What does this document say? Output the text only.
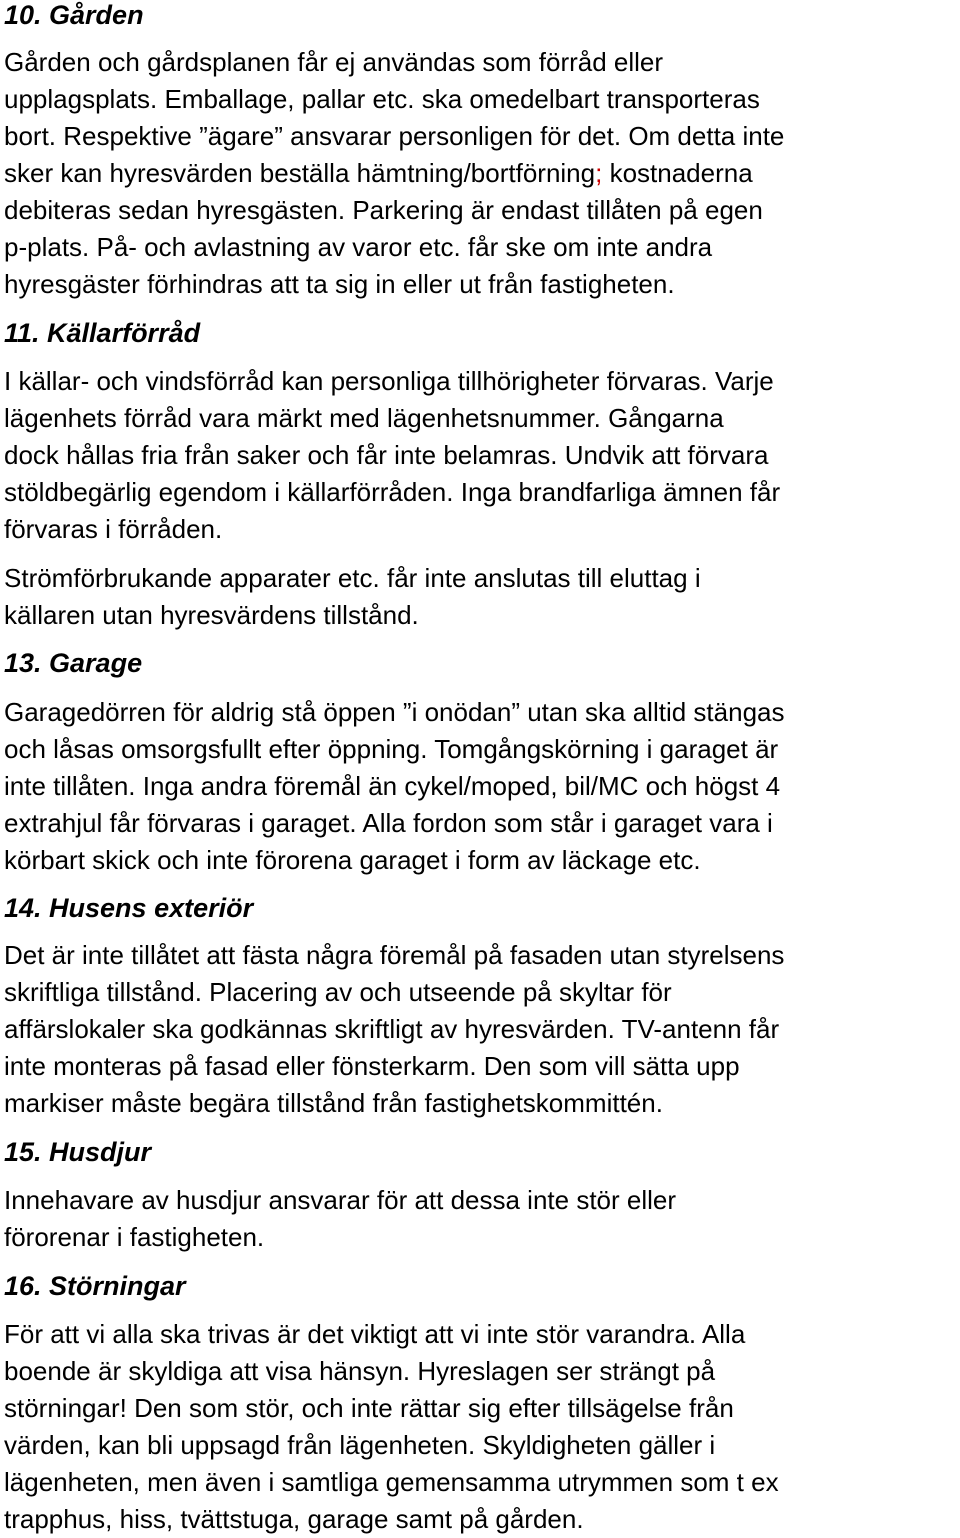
10. Gården

Gården och gårdsplanen får ej användas som förråd eller
upplagsplats. Emballage, pallar etc. ska omedelbart transporteras
bort. Respektive ”ägare” ansvarar personligen för det. Om detta inte
sker kan hyresvärden beställa hämtning/bortförning; kostnaderna
debiteras sedan hyresgästen. Parkering är endast tillåten på egen
p-plats. På- och avlastning av varor etc. får ske om inte andra
hyresgäster förhindras att ta sig in eller ut från fastigheten.

11. Källarförråd

I källar- och vindsförråd kan personliga tillhörigheter förvaras. Varje
lägenhets förråd vara märkt med lägenhetsnummer. Gångarna
dock hållas fria från saker och får inte belamras. Undvik att förvara
stöldbegärlig egendom i källarförråden. Inga brandfarliga ämnen får
förvaras i förråden.

Strömförbrukande apparater etc. får inte anslutas till eluttag i
källaren utan hyresvärdens tillstånd.

13. Garage

Garagedörren för aldrig stå öppen ”i onödan” utan ska alltid stängas
och låsas omsorgsfullt efter öppning. Tomgångskörning i garaget är
inte tillåten. Inga andra föremål än cykel/moped, bil/MC och högst 4
extrahjul får förvaras i garaget. Alla fordon som står i garaget vara i
körbart skick och inte förorena garaget i form av läckage etc.

14. Husens exteriör

Det är inte tillåtet att fästa några föremål på fasaden utan styrelsens
skriftliga tillstånd. Placering av och utseende på skyltar för
affärslokaler ska godkännas skriftligt av hyresvärden. TV-antenn får
inte monteras på fasad eller fönsterkarm. Den som vill sätta upp
markiser måste begära tillstånd från fastighetskommittén.

15. Husdjur

Innehavare av husdjur ansvarar för att dessa inte stör eller
förorenar i fastigheten.

16. Störningar

För att vi alla ska trivas är det viktigt att vi inte stör varandra. Alla
boende är skyldiga att visa hänsyn. Hyreslagen ser strängt på
störningar! Den som stör, och inte rättar sig efter tillsägelse från
värden, kan bli uppsagd från lägenheten. Skyldigheten gäller i
lägenheten, men även i samtliga gemensamma utrymmen som t ex
trapphus, hiss, tvättstuga, garage samt på gården.
